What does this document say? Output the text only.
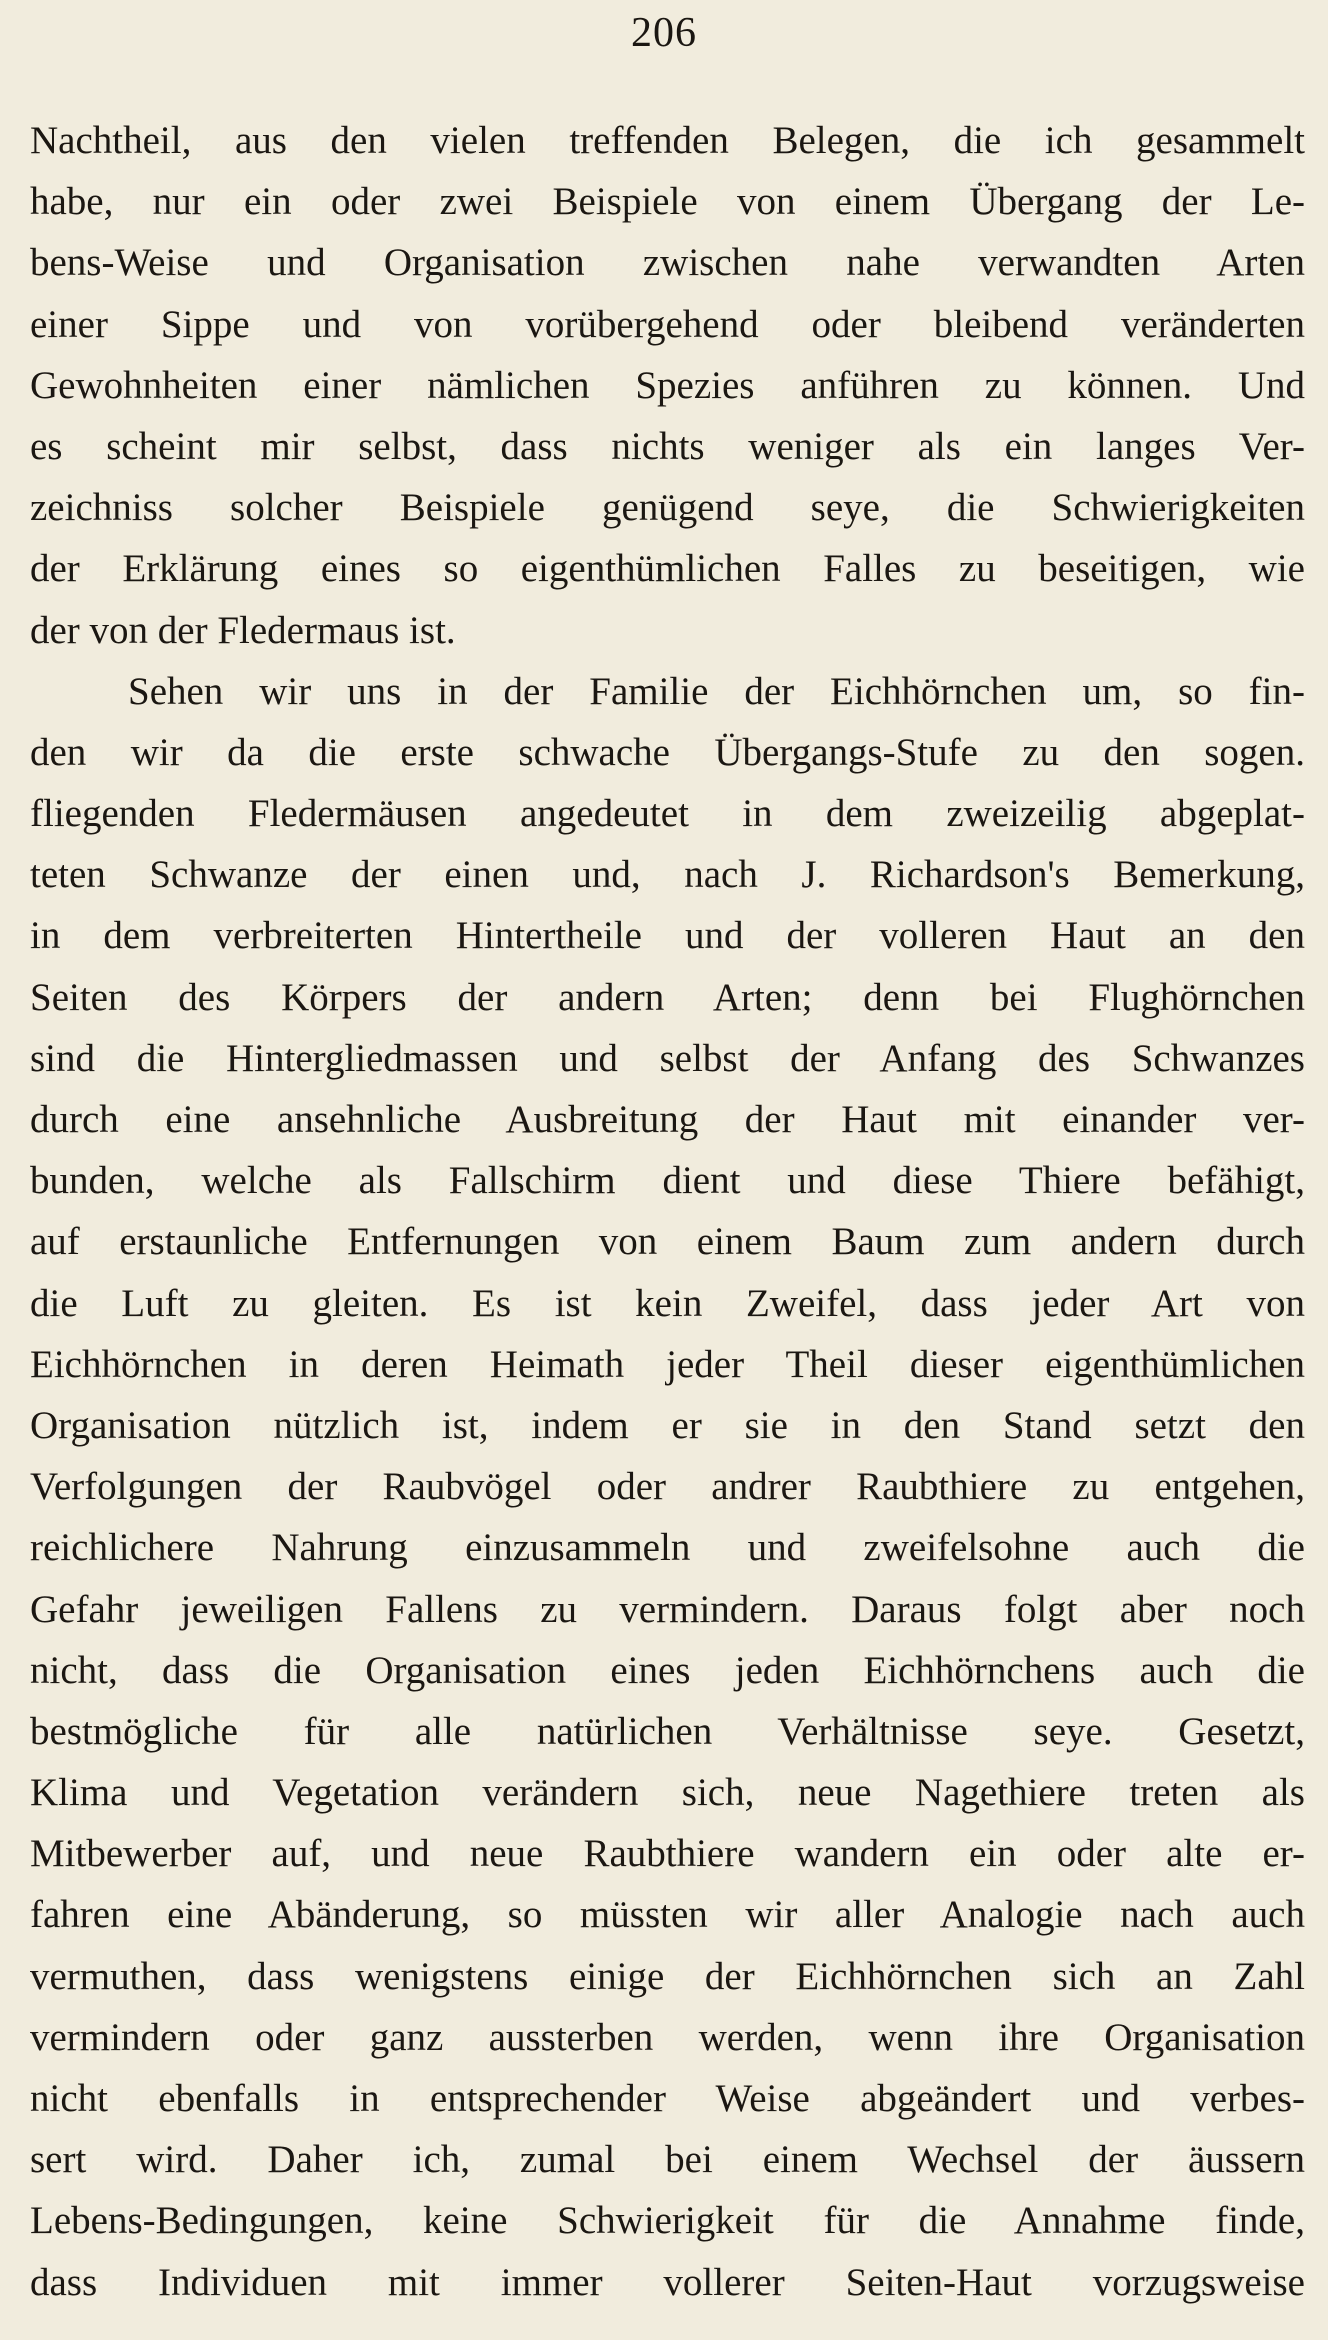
206
Nachtheil, aus den vielen treffenden Belegen, die ich gesammelt
habe, nur ein oder zwei Beispiele von einem Übergang der Le-
bens-Weise und Organisation zwischen nahe verwandten Arten
einer Sippe und von vorübergehend oder bleibend veränderten
Gewohnheiten einer nämlichen Spezies anführen zu können. Und
es scheint mir selbst, dass nichts weniger als ein langes Ver-
zeichniss solcher Beispiele genügend seye, die Schwierigkeiten
der Erklärung eines so eigenthümlichen Falles zu beseitigen, wie
der von der Fledermaus ist.
Sehen wir uns in der Familie der Eichhörnchen um, so fin-
den wir da die erste schwache Übergangs-Stufe zu den sogen.
fliegenden Fledermäusen angedeutet in dem zweizeilig abgeplat-
teten Schwanze der einen und, nach J. Richardson's Bemerkung,
in dem verbreiterten Hintertheile und der volleren Haut an den
Seiten des Körpers der andern Arten; denn bei Flughörnchen
sind die Hintergliedmassen und selbst der Anfang des Schwanzes
durch eine ansehnliche Ausbreitung der Haut mit einander ver-
bunden, welche als Fallschirm dient und diese Thiere befähigt,
auf erstaunliche Entfernungen von einem Baum zum andern durch
die Luft zu gleiten. Es ist kein Zweifel, dass jeder Art von
Eichhörnchen in deren Heimath jeder Theil dieser eigenthümlichen
Organisation nützlich ist, indem er sie in den Stand setzt den
Verfolgungen der Raubvögel oder andrer Raubthiere zu entgehen,
reichlichere Nahrung einzusammeln und zweifelsohne auch die
Gefahr jeweiligen Fallens zu vermindern. Daraus folgt aber noch
nicht, dass die Organisation eines jeden Eichhörnchens auch die
bestmögliche für alle natürlichen Verhältnisse seye. Gesetzt,
Klima und Vegetation verändern sich, neue Nagethiere treten als
Mitbewerber auf, und neue Raubthiere wandern ein oder alte er-
fahren eine Abänderung, so müssten wir aller Analogie nach auch
vermuthen, dass wenigstens einige der Eichhörnchen sich an Zahl
vermindern oder ganz aussterben werden, wenn ihre Organisation
nicht ebenfalls in entsprechender Weise abgeändert und verbes-
sert wird. Daher ich, zumal bei einem Wechsel der äussern
Lebens-Bedingungen, keine Schwierigkeit für die Annahme finde,
dass Individuen mit immer vollerer Seiten-Haut vorzugsweise
